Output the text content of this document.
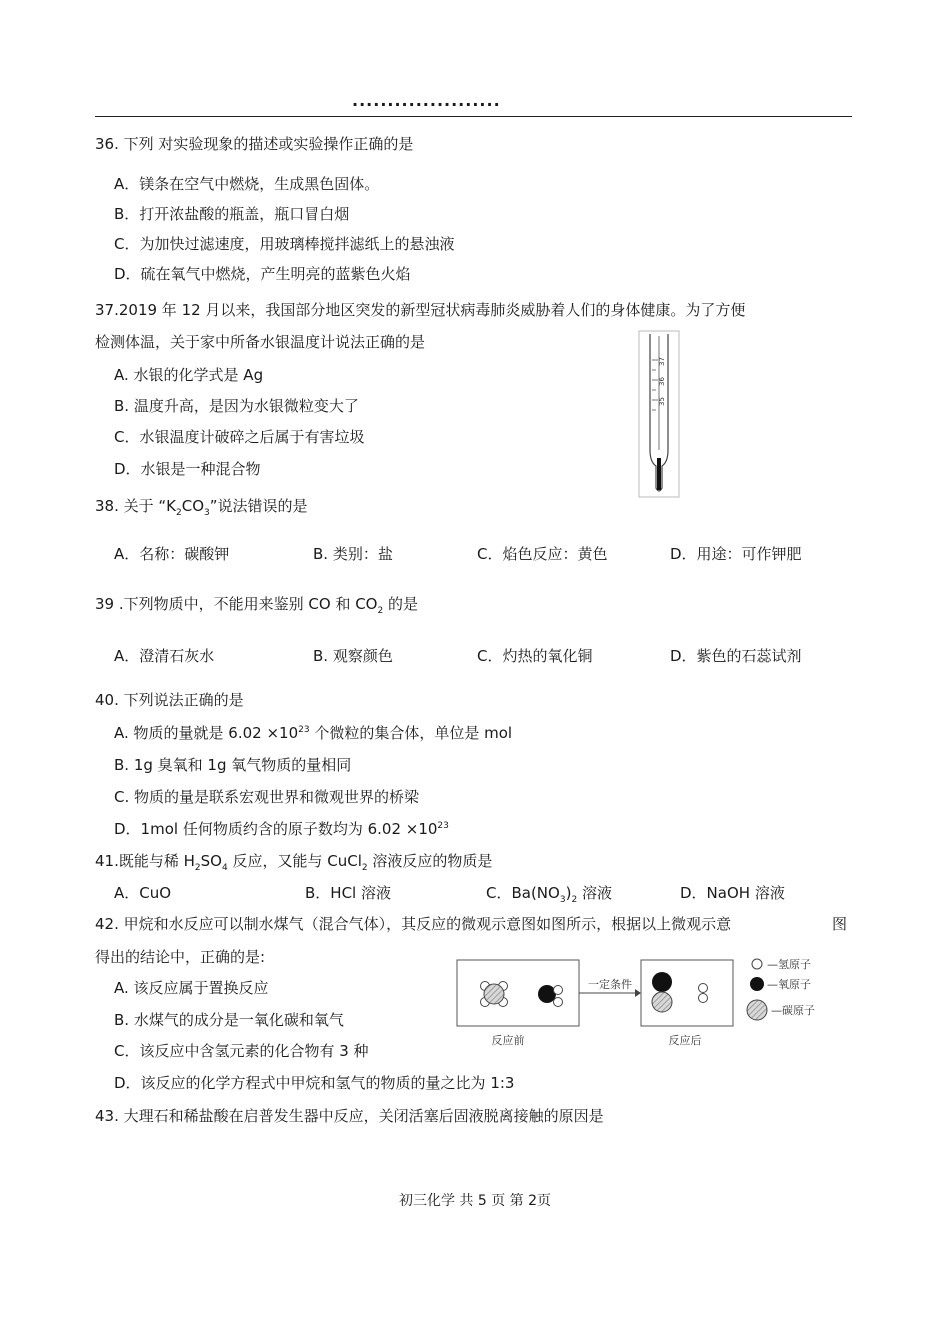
.....................
36. 下列 对实验现象的描述或实验操作正确的是
A．镁条在空气中燃烧，生成黑色固体。
B．打开浓盐酸的瓶盖，瓶口冒白烟
C．为加快过滤速度，用玻璃棒搅拌滤纸上的悬浊液
D．硫在氧气中燃烧，产生明亮的蓝紫色火焰
37.2019 年 12 月以来，我国部分地区突发的新型冠状病毒肺炎威胁着人们的身体健康。为了方便
检测体温，关于家中所备水银温度计说法正确的是
A. 水银的化学式是 Ag
B. 温度升高，是因为水银微粒变大了
C．水银温度计破碎之后属于有害垃圾
D．水银是一种混合物
37
36
35
38. 关于 “$K_2CO_3$”说法错误的是
A．名称：碳酸钾	B. 类别：盐	C．焰色反应：黄色	D．用途：可作钾肥
39 .下列物质中，不能用来鉴别 CO 和 $CO_2$ 的是
A．澄清石灰水	B. 观察颜色	C．灼热的氧化铜	D．紫色的石蕊试剂
40. 下列说法正确的是
A. 物质的量就是 $6.02 \times 10^{23}$ 个微粒的集合体，单位是 mol
B. 1g 臭氧和 1g 氧气物质的量相同
C. 物质的量是联系宏观世界和微观世界的桥梁
D．1mol 任何物质约含的原子数均为 $6.02 \times 10^{23}$
41.既能与稀 $H_2SO_4$ 反应，又能与 CuCl$_2$ 溶液反应的物质是
A．CuO	B．HCl 溶液	C．$Ba(NO_3)_2$ 溶液	D．NaOH 溶液
42. 甲烷和水反应可以制水煤气（混合气体），其反应的微观示意图如图所示，根据以上微观示意	图
得出的结论中，正确的是:
A. 该反应属于置换反应
B. 水煤气的成分是一氧化碳和氧气
C．该反应中含氢元素的化合物有 3 种
D．该反应的化学方程式中甲烷和氢气的物质的量之比为 1:3
一定条件
反应前	反应后
—氢原子
—氧原子
—碳原子
43. 大理石和稀盐酸在启普发生器中反应，关闭活塞后固液脱离接触的原因是
初三化学 共 5 页 第 2页
